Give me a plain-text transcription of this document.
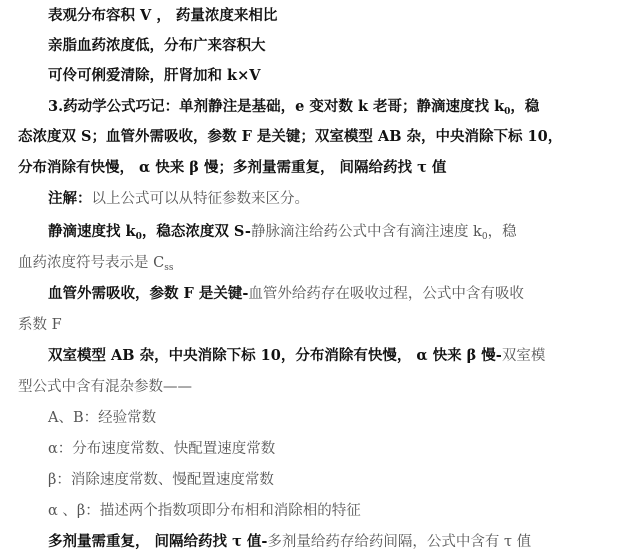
表观分布容积 V ， 药量浓度来相比
亲脂血药浓度低，分布广来容积大
可伶可俐爱清除，肝肾加和 k×V
3.药动学公式巧记：单剂静注是基础，e 变对数 k 老哥；静滴速度找 $k_0$，稳
态浓度双 S；血管外需吸收，参数 F 是关键；双室模型 AB 杂，中央消除下标 10，
分布消除有快慢， α 快来 β 慢；多剂量需重复， 间隔给药找 τ 值
注解：以上公式可以从特征参数来区分。
静滴速度找 $k_0$，稳态浓度双 S-静脉滴注给药公式中含有滴注速度 $k_0$，稳
血药浓度符号表示是 $C_{ss}$
血管外需吸收，参数 F 是关键-血管外给药存在吸收过程，公式中含有吸收
系数 F
双室模型 AB 杂，中央消除下标 10，分布消除有快慢， α 快来 β 慢-双室模
型公式中含有混杂参数——
A、B：经验常数
α：分布速度常数、快配置速度常数
β：消除速度常数、慢配置速度常数
α 、β：描述两个指数项即分布相和消除相的特征
多剂量需重复， 间隔给药找 τ 值-多剂量给药存给药间隔，公式中含有 τ 值
